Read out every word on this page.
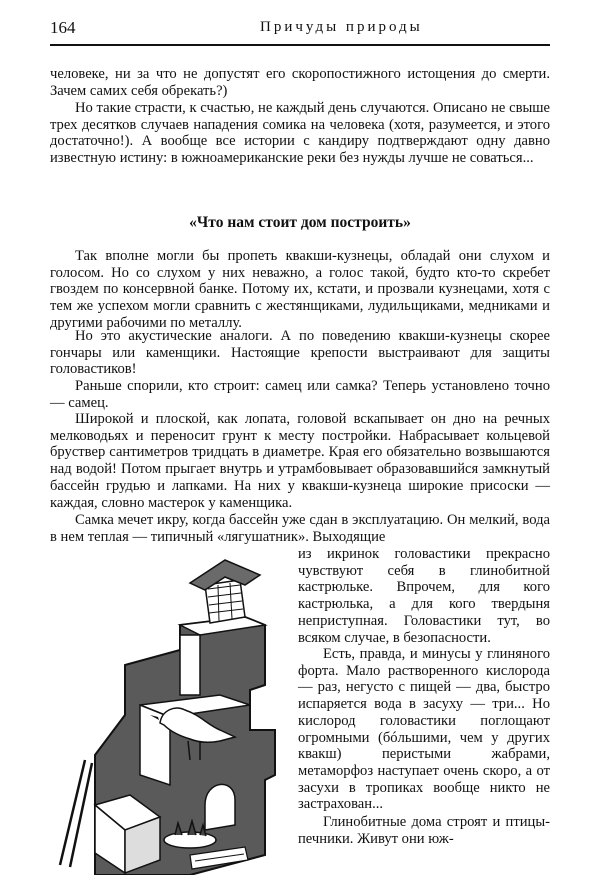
164	Причуды природы

человеке, ни за что не допустят его скоропостижного истощения до смерти. Зачем самих себя обрекать?)

Но такие страсти, к счастью, не каждый день случаются. Описано не свыше трех десятков случаев нападения сомика на человека (хотя, разумеется, и этого достаточно!). А вообще все истории с кандиру подтверждают одну давно известную истину: в южноамериканские реки без нужды лучше не соваться...

«Что нам стоит дом построить»

Так вполне могли бы пропеть квакши-кузнецы, обладай они слухом и голосом. Но со слухом у них неважно, а голос такой, будто кто-то скребет гвоздем по консервной банке. Потому их, кстати, и прозвали кузнецами, хотя с тем же успехом могли сравнить с жестянщиками, лудильщиками, медниками и другими рабочими по металлу.

Но это акустические аналоги. А по поведению квакши-кузнецы скорее гончары или каменщики. Настоящие крепости выстраивают для защиты головастиков!

Раньше спорили, кто строит: самец или самка? Теперь установлено точно — самец.

Широкой и плоской, как лопата, головой вскапывает он дно на речных мелководьях и переносит грунт к месту постройки. Набрасывает кольцевой бруствер сантиметров тридцать в диаметре. Края его обязательно возвышаются над водой! Потом прыгает внутрь и утрамбовывает образовавшийся замкнутый бассейн грудью и лапками. На них у квакши-кузнеца широкие присоски — каждая, словно мастерок у каменщика.

Самка мечет икру, когда бассейн уже сдан в эксплуатацию. Он мелкий, вода в нем теплая — типичный «лягушатник». Выходящие

из икринок головастики прекрасно чувствуют себя в глинобитной кастрюльке. Впрочем, для кого кастрюлька, а для кого твердыня неприступная. Головастики тут, во всяком случае, в безопасности.

Есть, правда, и минусы у глиняного форта. Мало растворенного кислорода — раз, негусто с пищей — два, быстро испаряется вода в засуху — три... Но кислород головастики поглощают огромными (бóльшими, чем у других квакш) перистыми жабрами, метаморфоз наступает очень скоро, а от засухи в тропиках вообще никто не застрахован...

Глинобитные дома строят и птицы-печники. Живут они юж-
